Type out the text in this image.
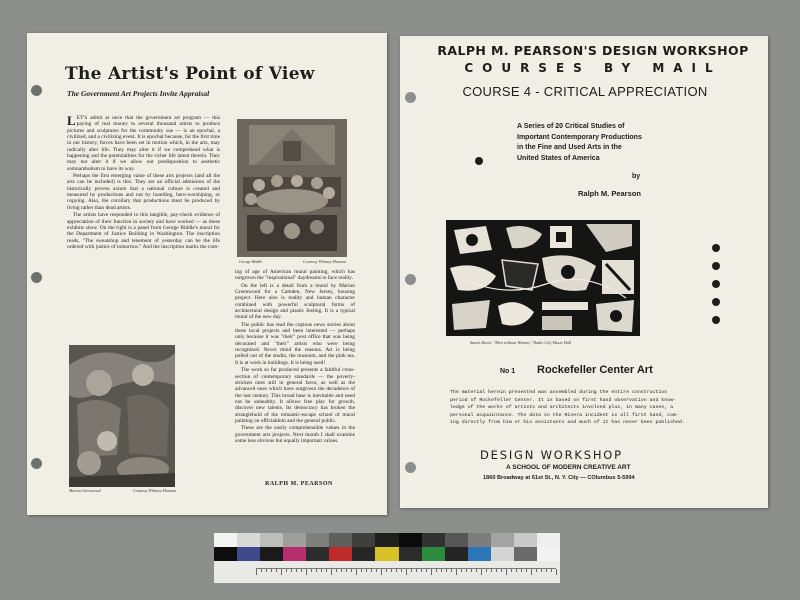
The Artist's Point of View
The Government Art Projects Invite Appraisal

LET'S admit at once that the government art program — this paying of real money to several thousand artists to produce pictures and sculptures for the community use — is an epochal, a civilized, and a civilizing event. It is epochal because, for the first time in our history, forces have been set in motion which, in the arts, may radically alter life. They may alter it if we comprehend what is happening and the potentialities for the richer life latent therein. They may not alter it if we allow our predisposition to aesthetic somnambulism to have its way.

Perhaps the first emerging value of these arts projects (and all the arts can be included) is this: They are an official admission of the historically proven axiom that a national culture is created and measured by productions and not by hoarding, hero-worshiping, or copying. Also, the corollary that productions must be produced by living rather than dead artists.

The artists have responded to this tangible, pay-check evidence of appreciation of their function in society and have worked — as these exhibits show. On the right is a panel from George Biddle's mural for the Department of Justice Building in Washington. The inscription reads, "The sweatshop and tenement of yesterday can be the life ordered with justice of tomorrow." And the inscription marks the com-

George Biddle	Courtesy Whitney Museum

ing of age of American mural painting, which has outgrown the "inspirational" daydreams to face reality.

On the left is a detail from a mural by Marion Greenwood for a Camden, New Jersey, housing project. Here also is reality and human character combined with powerful sculptural forms of architectural design and plastic feeling. It is a typical mural of the new day.

The public has read the copious news stories about these local projects and been interested — perhaps only because it was "their" post office that was being decorated and "their" artists who were being recognized. Never mind the reasons. Art is being pulled out of the studio, the museum, and the pink tea. It is at work in buildings. It is being used!

The work so far produced presents a faithful cross-section of contemporary standards — the poverty-stricken ones still in general favor, as well as the advanced ones which have outgrown the decadence of the last century. This broad base is inevitable and need not be unhealthy. It allows free play for growth, discover new talents. Its democracy has broken the stranglehold of the romantic-escape school of mural painting on officialdom and the general public.

These are the easily comprehensible values in the government arts projects. Next month I shall examine some less obvious but equally important values.

Marion Greenwood	Courtesy Whitney Museum
RALPH M. PEARSON
RALPH M. PEARSON'S DESIGN WORKSHOP
COURSES BY MAIL
COURSE 4 - CRITICAL APPRECIATION
A Series of 20 Critical Studies of
Important Contemporary Productions
in the Fine and Used Arts in the
United States of America
by
Ralph M. Pearson
Stuart Davis: "Men without Women," Radio City Music Hall
No 1 Rockefeller Center Art
The material herein presented was assembled during the entire construction
period of Rockefeller Center. It is based on first hand observation and know-
ledge of the works of artists and architects involved plus, in many cases, a
personal acquaintance. The data on the Rivera incident is all first hand, com-
ing directly from him or his assistants and much of it has never been published.
DESIGN WORKSHOP
A SCHOOL OF MODERN CREATIVE ART
1860 Broadway at 61st St., N. Y. City — COlumbus 5-5994
